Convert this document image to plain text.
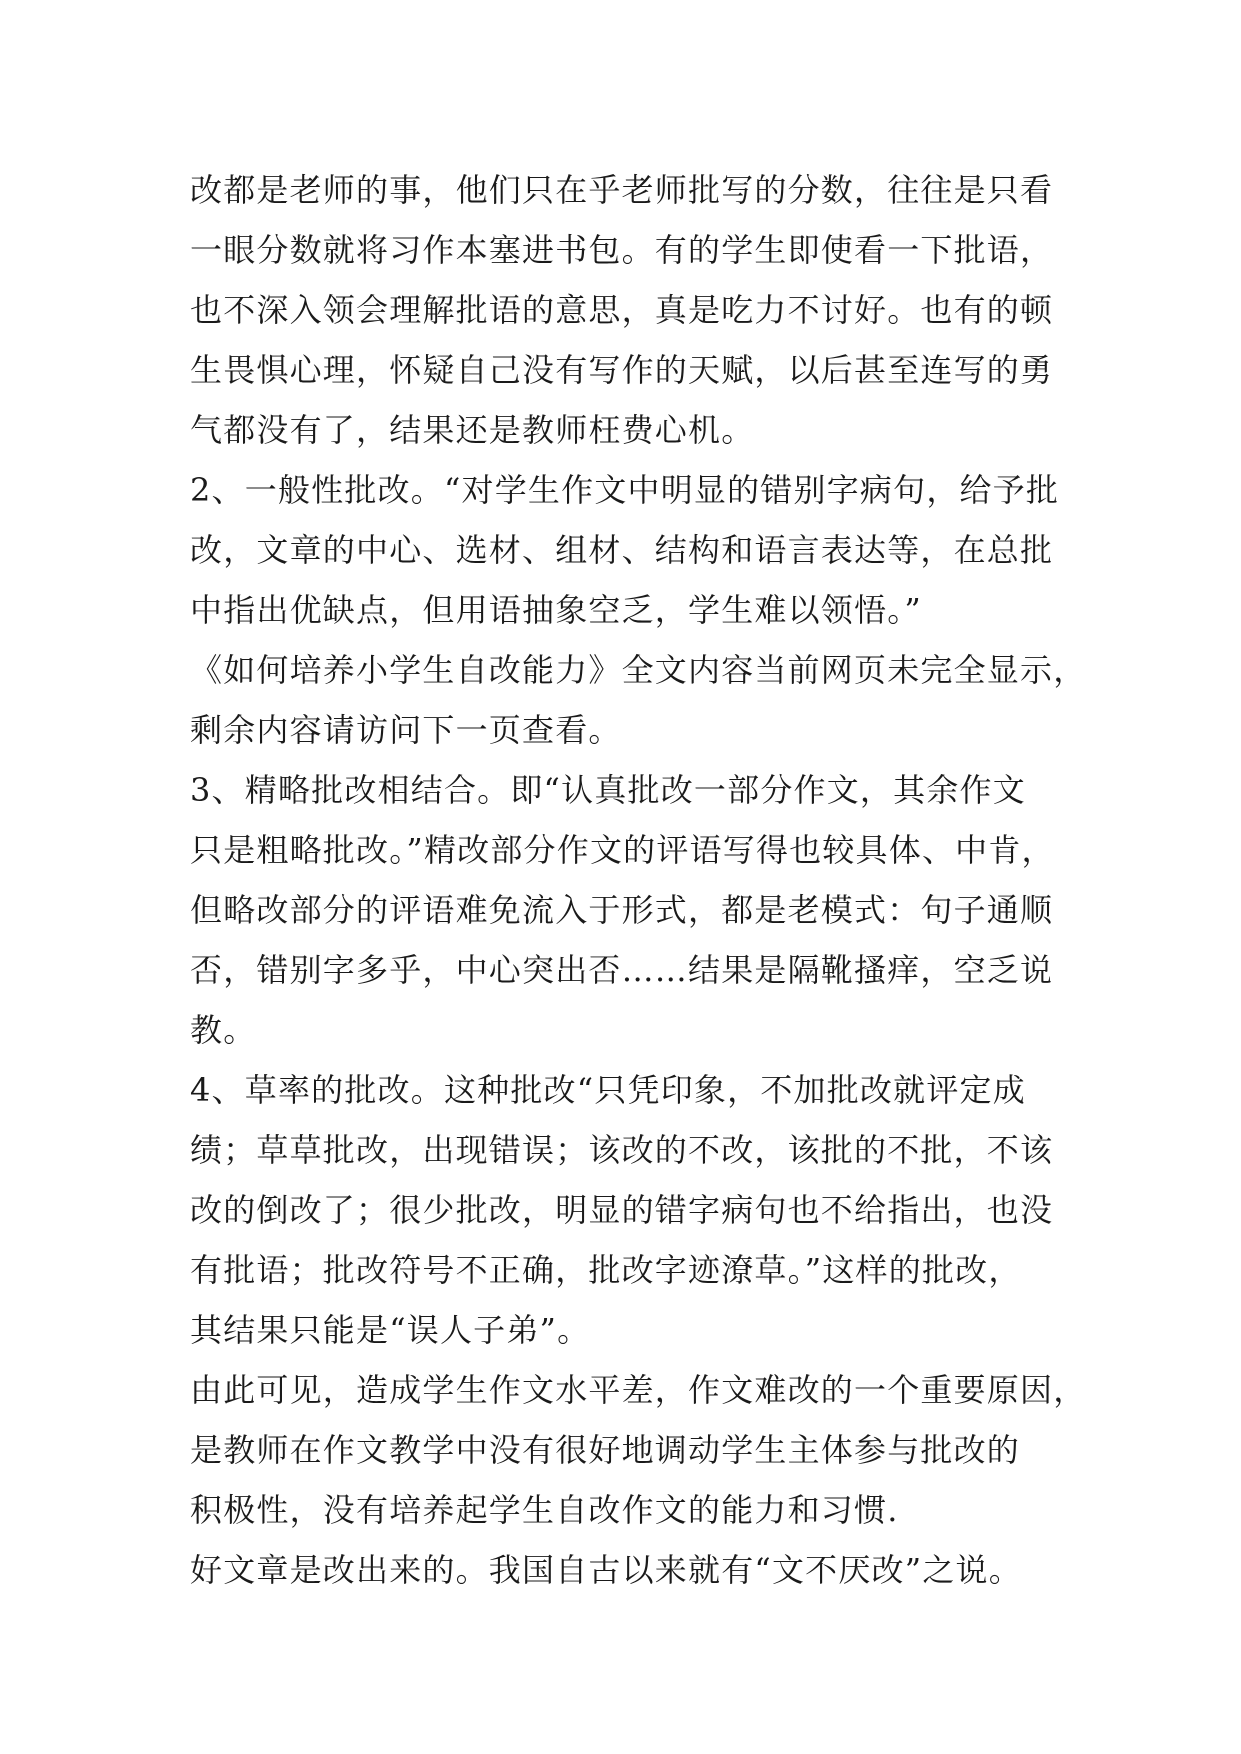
改都是老师的事，他们只在乎老师批写的分数，往往是只看
一眼分数就将习作本塞进书包。有的学生即使看一下批语，
也不深入领会理解批语的意思，真是吃力不讨好。也有的顿
生畏惧心理，怀疑自己没有写作的天赋，以后甚至连写的勇
气都没有了，结果还是教师枉费心机。
2、一般性批改。“对学生作文中明显的错别字病句，给予批
改，文章的中心、选材、组材、结构和语言表达等，在总批
中指出优缺点，但用语抽象空乏，学生难以领悟。”
《如何培养小学生自改能力》全文内容当前网页未完全显示，
剩余内容请访问下一页查看。
3、精略批改相结合。即“认真批改一部分作文，其余作文
只是粗略批改。”精改部分作文的评语写得也较具体、中肯，
但略改部分的评语难免流入于形式，都是老模式：句子通顺
否，错别字多乎，中心突出否……结果是隔靴搔痒，空乏说
教。
4、草率的批改。这种批改“只凭印象，不加批改就评定成
绩；草草批改，出现错误；该改的不改，该批的不批，不该
改的倒改了；很少批改，明显的错字病句也不给指出，也没
有批语；批改符号不正确，批改字迹潦草。”这样的批改，
其结果只能是“误人子弟”。
由此可见，造成学生作文水平差，作文难改的一个重要原因，
是教师在作文教学中没有很好地调动学生主体参与批改的
积极性，没有培养起学生自改作文的能力和习惯.
好文章是改出来的。我国自古以来就有“文不厌改”之说。
